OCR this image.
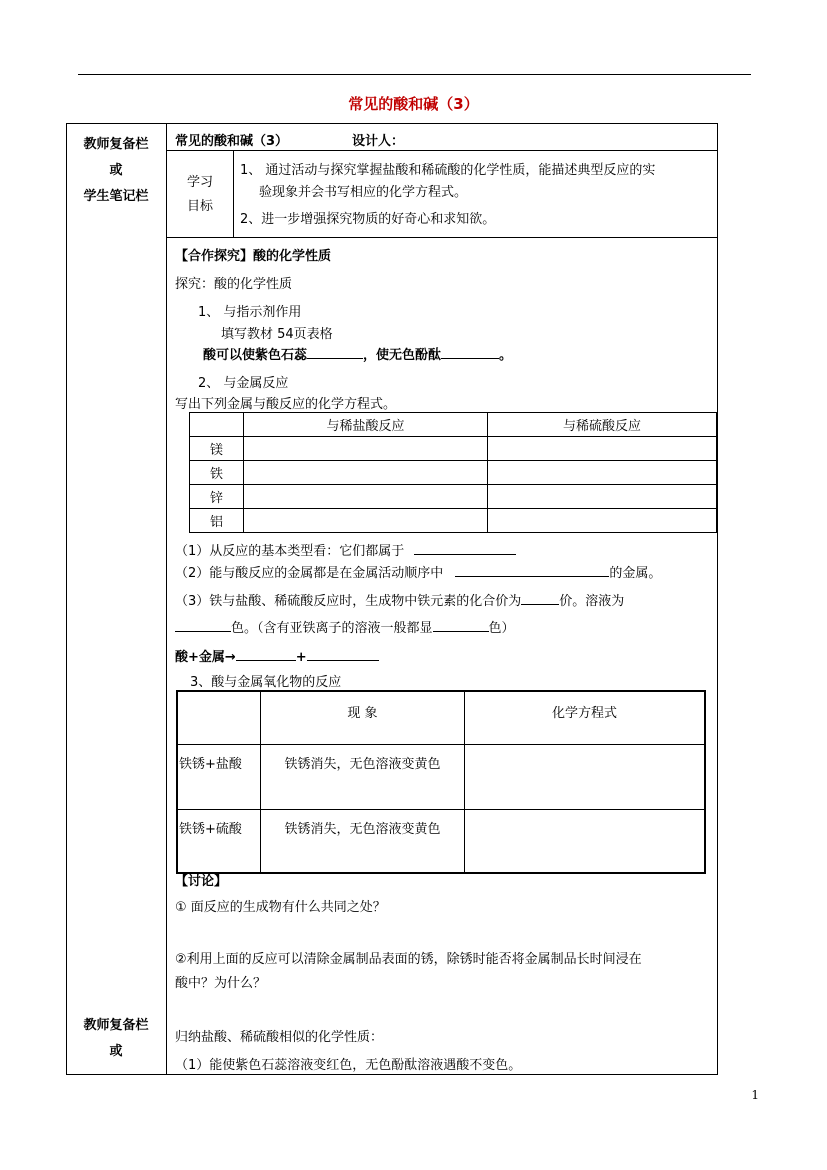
常见的酸和碱（3）
教师复备栏
或
学生笔记栏
教师复备栏
或
常见的酸和碱（3）	设计人：
学习
目标
1、 通过活动与探究掌握盐酸和稀硫酸的化学性质，能描述典型反应的实
验现象并会书写相应的化学方程式。
2、进一步增强探究物质的好奇心和求知欲。
【合作探究】酸的化学性质
探究：酸的化学性质
1、 与指示剂作用
填写教材 54页表格
酸可以使紫色石蕊	，使无色酚酞	。
2、 与金属反应
写出下列金属与酸反应的化学方程式。
	与稀盐酸反应	与稀硫酸反应
镁		
铁		
锌		
铝		
（1）从反应的基本类型看：它们都属于
（2）能与酸反应的金属都是在金属活动顺序中	的金属。
（3）铁与盐酸、稀硫酸反应时，生成物中铁元素的化合价为	价。溶液为
色。（含有亚铁离子的溶液一般都显	色）
酸+金属→	+
3、酸与金属氧化物的反应
	现 象	化学方程式
铁锈+盐酸	铁锈消失，无色溶液变黄色	
铁锈+硫酸	铁锈消失，无色溶液变黄色	
【讨论】
① 面反应的生成物有什么共同之处？
②利用上面的反应可以清除金属制品表面的锈，除锈时能否将金属制品长时间浸在
酸中？为什么？
归纳盐酸、稀硫酸相似的化学性质：
（1）能使紫色石蕊溶液变红色，无色酚酞溶液遇酸不变色。
1
